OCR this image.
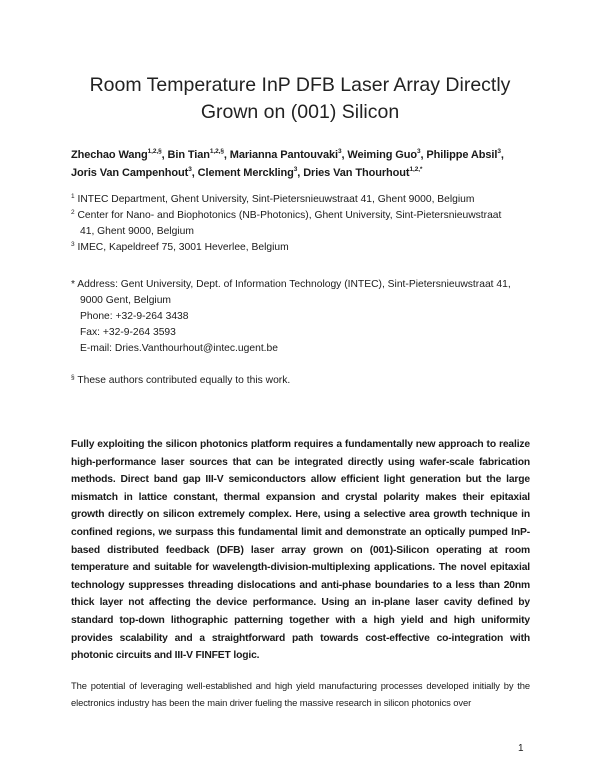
Room Temperature InP DFB Laser Array Directly
Grown on (001) Silicon
Zhechao Wang$^{1,2,\S}$, Bin Tian$^{1,2,\S}$, Marianna Pantouvaki$^3$, Weiming Guo$^3$, Philippe Absil$^3$, Joris Van Campenhout$^3$, Clement Merckling$^3$, Dries Van Thourhout$^{1,2,*}$
$^1$ INTEC Department, Ghent University, Sint-Pietersnieuwstraat 41, Ghent 9000, Belgium
$^2$ Center for Nano- and Biophotonics (NB-Photonics), Ghent University, Sint-Pietersnieuwstraat
41, Ghent 9000, Belgium
$^3$ IMEC, Kapeldreef 75, 3001 Heverlee, Belgium
* Address: Gent University, Dept. of Information Technology (INTEC), Sint-Pietersnieuwstraat 41,
9000 Gent, Belgium
Phone: +32-9-264 3438
Fax: +32-9-264 3593
E-mail: Dries.Vanthourhout@intec.ugent.be
§ These authors contributed equally to this work.
Fully exploiting the silicon photonics platform requires a fundamentally new approach to realize high-performance laser sources that can be integrated directly using wafer-scale fabrication methods. Direct band gap III-V semiconductors allow efficient light generation but the large mismatch in lattice constant, thermal expansion and crystal polarity makes their epitaxial growth directly on silicon extremely complex. Here, using a selective area growth technique in confined regions, we surpass this fundamental limit and demonstrate an optically pumped InP-based distributed feedback (DFB) laser array grown on (001)-Silicon operating at room temperature and suitable for wavelength-division-multiplexing applications. The novel epitaxial technology suppresses threading dislocations and anti-phase boundaries to a less than 20nm thick layer not affecting the device performance. Using an in-plane laser cavity defined by standard top-down lithographic patterning together with a high yield and high uniformity provides scalability and a straightforward path towards cost-effective co-integration with photonic circuits and III-V FINFET logic.
The potential of leveraging well-established and high yield manufacturing processes developed initially by the electronics industry has been the main driver fueling the massive research in silicon photonics over
1
